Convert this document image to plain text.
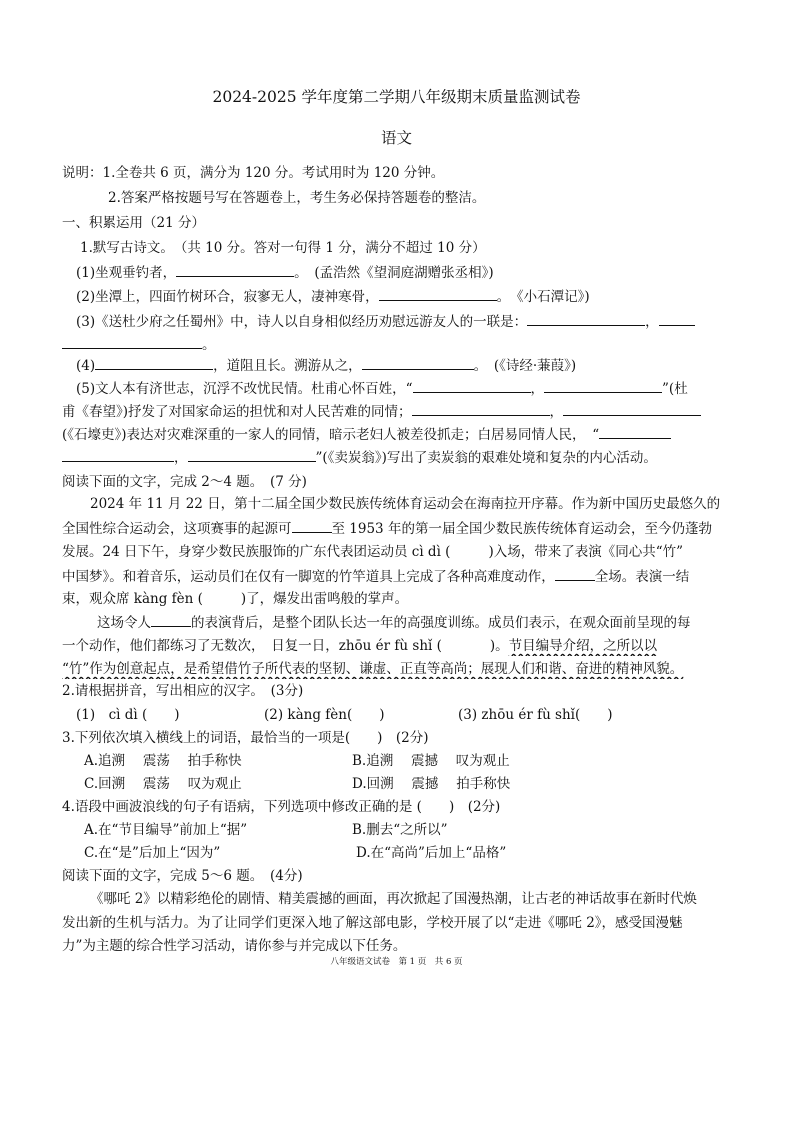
2024-2025 学年度第二学期八年级期末质量监测试卷
语文
说明：1.全卷共 6 页，满分为 120 分。考试用时为 120 分钟。
2.答案严格按题号写在答题卷上，考生务必保持答题卷的整洁。
一、积累运用（21 分）
1.默写古诗文。　（共 10 分。答对一句得 1 分，满分不超过 10 分）
(1)坐观垂钓者，	。　(孟浩然《望洞庭湖赠张丞相》)
(2)坐潭上，四面竹树环合，寂寥无人，凄神寒骨，	。　《小石潭记》)
(3)《送杜少府之任蜀州》中，诗人以自身相似经历劝慰远游友人的一联是：	，
。
(4)	，道阻且长。溯游从之，	。　(《诗经·蒹葭》)
(5)文人本有济世志，沉浮不改忧民情。杜甫心怀百姓，“	，	”(杜
甫《春望》)抒发了对国家命运的担忧和对人民苦难的同情；	，
(《石壕吏》)表达对灾难深重的一家人的同情，暗示老妇人被差役抓走；白居易同情人民，　“
，	”(《卖炭翁》)写出了卖炭翁的艰难处境和复杂的内心活动。
阅读下面的文字，完成 2～4 题。　(7 分)
2024 年 11 月 22 日，第十二届全国少数民族传统体育运动会在海南拉开序幕。作为新中国历史最悠久的
全国性综合运动会，这项赛事的起源可	至 1953 年的第一届全国少数民族传统体育运动会，至今仍蓬勃
发展。24 日下午，身穿少数民族服饰的广东代表团运动员 cì dì (	)入场，带来了表演《同心共“竹”
中国梦》。和着音乐，运动员们在仅有一脚宽的竹竿道具上完成了各种高难度动作，	全场。表演一结
束，观众席 kàng fèn (	)了，爆发出雷鸣般的掌声。
这场令人	的表演背后，是整个团队长达一年的高强度训练。成员们表示，在观众面前呈现的每
一个动作，他们都练习了无数次，　日复一日，zhōu ér fù shǐ (	)。节目编导介绍，之所以以
“竹”作为创意起点，是希望借竹子所代表的坚韧、谦虚、正直等高尚；展现人们和谐、奋进的精神风貌。
2.请根据拼音，写出相应的汉字。　(3分)
(1)　cì dì (　　)	(2) kàng fèn(　　)	(3) zhōu ér fù shǐ(　　)
3.下列依次填入横线上的词语，最恰当的一项是(　　)　(2分)
A.追溯　 震荡　 拍手称快	B.追溯　 震撼　 叹为观止
C.回溯　 震荡　 叹为观止	D.回溯　 震撼　 拍手称快
4.语段中画波浪线的句子有语病，下列选项中修改正确的是 (　　)　(2分)
A.在“节目编导”前加上“据”	B.删去“之所以”
C.在“是”后加上“因为”	D.在“高尚”后加上“品格”
阅读下面的文字，完成 5～6 题。　(4分)
《哪吒 2》以精彩绝伦的剧情、精美震撼的画面，再次掀起了国漫热潮，让古老的神话故事在新时代焕
发出新的生机与活力。为了让同学们更深入地了解这部电影，学校开展了以“走进《哪吒 2》，感受国漫魅
力”为主题的综合性学习活动，请你参与并完成以下任务。
八年级语文试卷　第 1 页　共 6 页
